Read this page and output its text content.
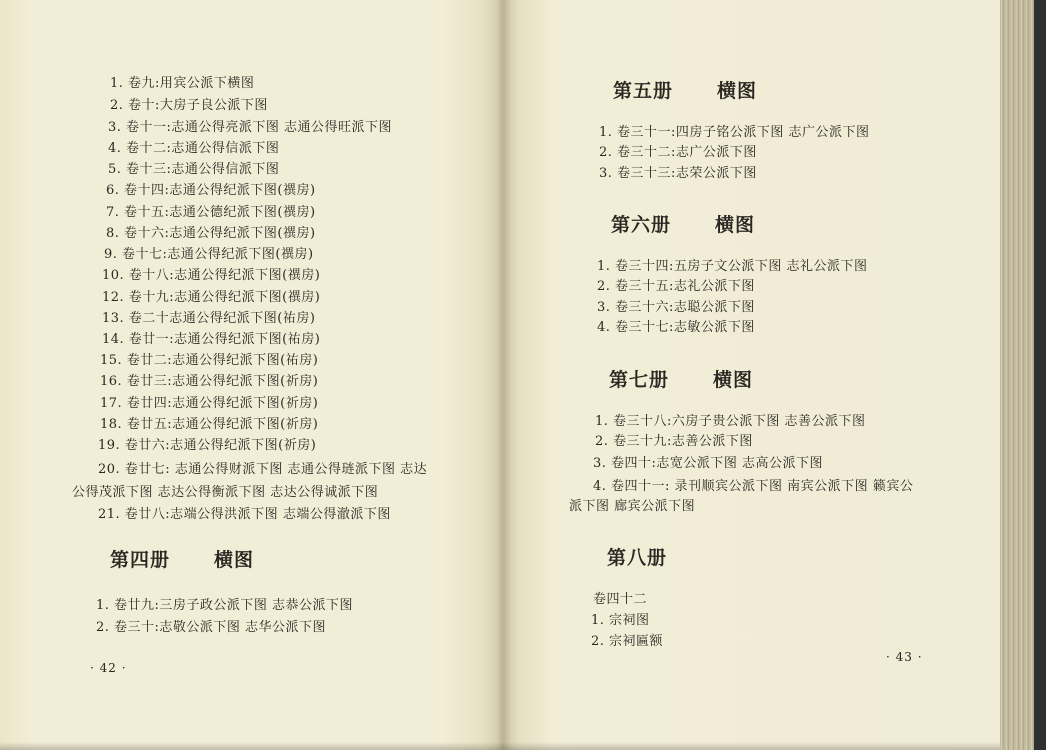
1. 卷九:用宾公派下横图
2. 卷十:大房子良公派下图
3. 卷十一:志通公得亮派下图 志通公得旺派下图
4. 卷十二:志通公得信派下图
5. 卷十三:志通公得信派下图
6. 卷十四:志通公得纪派下图(禩房)
7. 卷十五:志通公德纪派下图(禩房)
8. 卷十六:志通公得纪派下图(禩房)
9. 卷十七:志通公得纪派下图(禩房)
10. 卷十八:志通公得纪派下图(禩房)
12. 卷十九:志通公得纪派下图(禩房)
13. 卷二十志通公得纪派下图(祐房)
14. 卷廿一:志通公得纪派下图(祐房)
15. 卷廿二:志通公得纪派下图(祐房)
16. 卷廿三:志通公得纪派下图(祈房)
17. 卷廿四:志通公得纪派下图(祈房)
18. 卷廿五:志通公得纪派下图(祈房)
19. 卷廿六:志通公得纪派下图(祈房)
20. 卷廿七: 志通公得财派下图 志通公得琏派下图 志达
公得茂派下图 志达公得衡派下图 志达公得诚派下图
21. 卷廿八:志端公得洪派下图 志端公得澈派下图
第四册 横图
1. 卷廿九:三房子政公派下图 志恭公派下图
2. 卷三十:志敬公派下图 志华公派下图
· 42 ·
第五册 横图
1. 卷三十一:四房子铭公派下图 志广公派下图
2. 卷三十二:志广公派下图
3. 卷三十三:志荣公派下图
第六册 横图
1. 卷三十四:五房子文公派下图 志礼公派下图
2. 卷三十五:志礼公派下图
3. 卷三十六:志聪公派下图
4. 卷三十七:志敏公派下图
第七册 横图
1. 卷三十八:六房子贵公派下图 志善公派下图
2. 卷三十九:志善公派下图
3. 卷四十:志宽公派下图 志高公派下图
4. 卷四十一: 录刊顺宾公派下图 南宾公派下图 籁宾公
派下图 廊宾公派下图
第八册
卷四十二
1. 宗祠图
2. 宗祠匾额
· 43 ·
